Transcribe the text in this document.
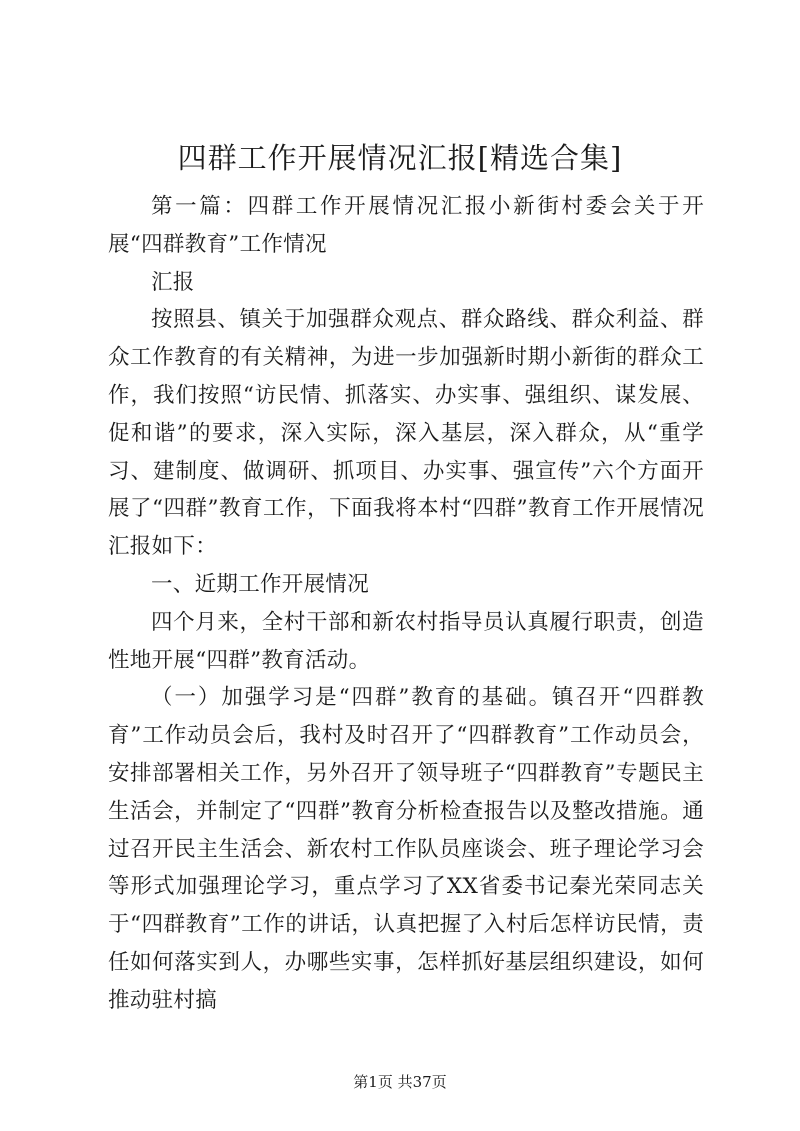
四群工作开展情况汇报[精选合集]

第一篇：四群工作开展情况汇报小新街村委会关于开展“四群教育”工作情况

汇报

按照县、镇关于加强群众观点、群众路线、群众利益、群众工作教育的有关精神，为进一步加强新时期小新街的群众工作，我们按照“访民情、抓落实、办实事、强组织、谋发展、促和谐”的要求，深入实际，深入基层，深入群众，从“重学习、建制度、做调研、抓项目、办实事、强宣传”六个方面开展了“四群”教育工作，下面我将本村“四群”教育工作开展情况汇报如下：

一、近期工作开展情况

四个月来，全村干部和新农村指导员认真履行职责，创造性地开展“四群”教育活动。

（一）加强学习是“四群”教育的基础。镇召开“四群教育”工作动员会后，我村及时召开了“四群教育”工作动员会，安排部署相关工作，另外召开了领导班子“四群教育”专题民主生活会，并制定了“四群”教育分析检查报告以及整改措施。通过召开民主生活会、新农村工作队员座谈会、班子理论学习会等形式加强理论学习，重点学习了XX省委书记秦光荣同志关于“四群教育”工作的讲话，认真把握了入村后怎样访民情，责任如何落实到人，办哪些实事，怎样抓好基层组织建设，如何推动驻村搞

第1页 共37页
